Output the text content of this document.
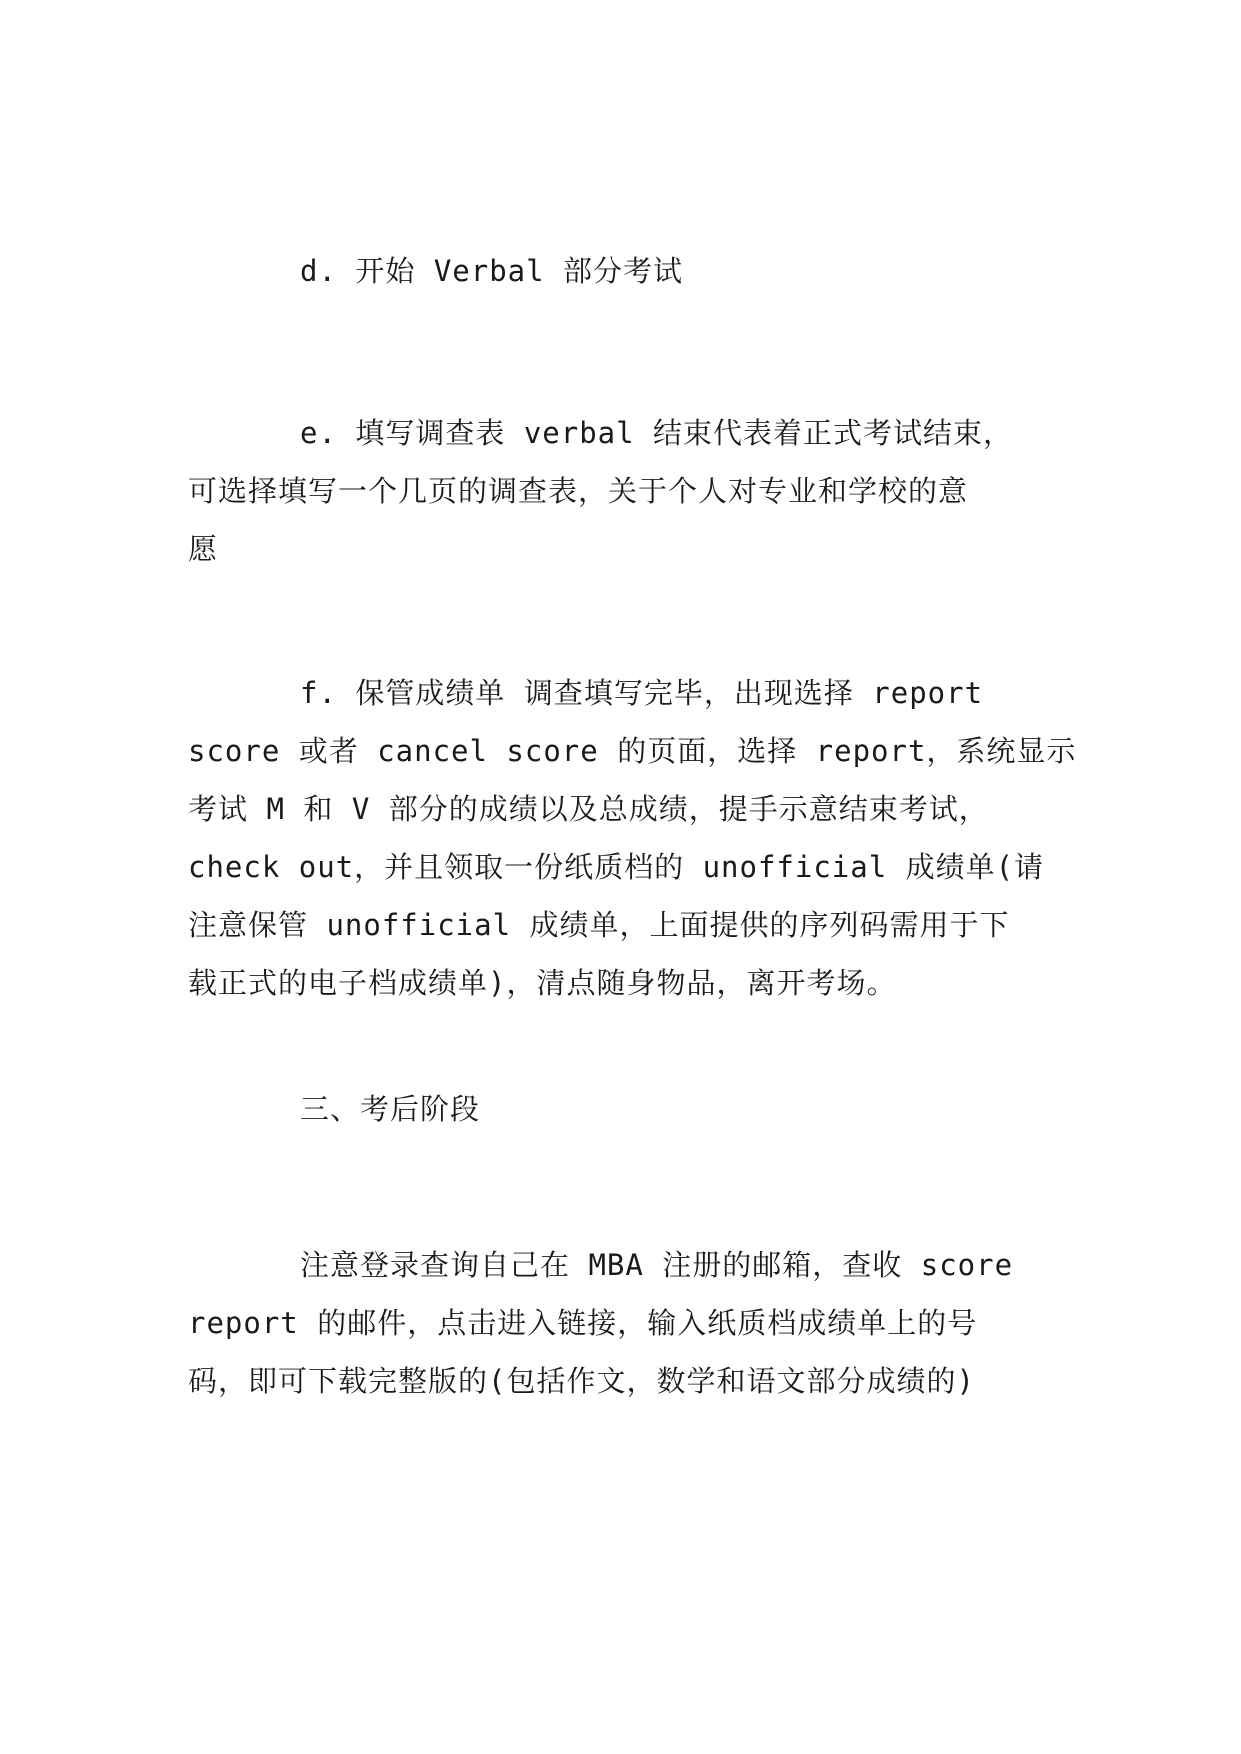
d. 开始 Verbal 部分考试

e. 填写调查表 verbal 结束代表着正式考试结束，
可选择填写一个几页的调查表，关于个人对专业和学校的意
愿

f. 保管成绩单 调查填写完毕，出现选择 report
score 或者 cancel score 的页面，选择 report，系统显示
考试 M 和 V 部分的成绩以及总成绩，提手示意结束考试，
check out，并且领取一份纸质档的 unofficial 成绩单(请
注意保管 unofficial 成绩单，上面提供的序列码需用于下
载正式的电子档成绩单)，清点随身物品，离开考场。

三、考后阶段

注意登录查询自己在 MBA 注册的邮箱，查收 score
report 的邮件，点击进入链接，输入纸质档成绩单上的号
码，即可下载完整版的(包括作文，数学和语文部分成绩的)
